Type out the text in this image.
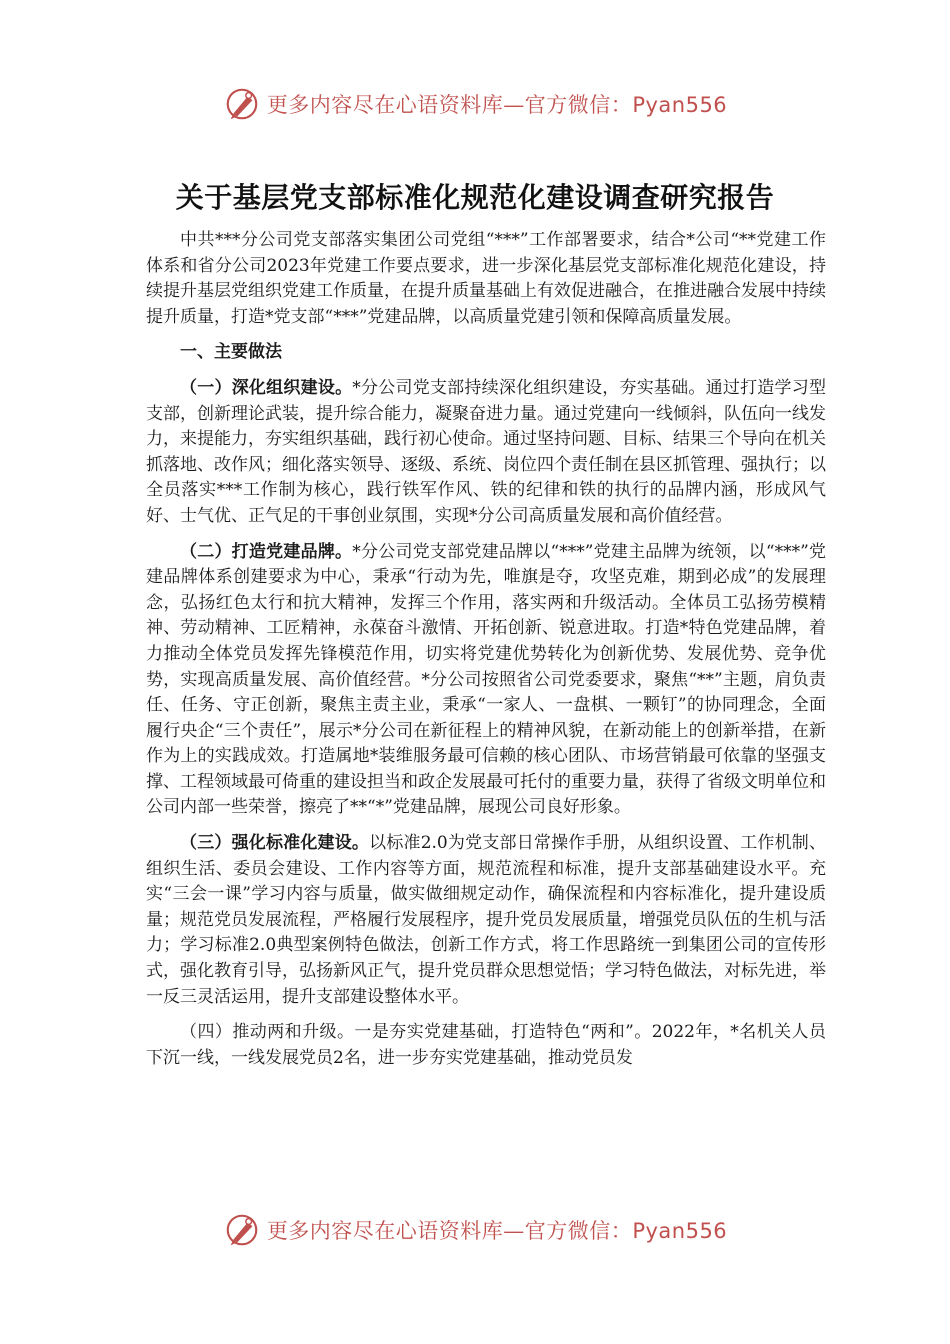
更多内容尽在心语资料库—官方微信：Pyan556
关于基层党支部标准化规范化建设调查研究报告

中共***分公司党支部落实集团公司党组“***”工作部署要求，结合*公司“**党建工作体系和省分公司2023年党建工作要点要求，进一步深化基层党支部标准化规范化建设，持续提升基层党组织党建工作质量，在提升质量基础上有效促进融合，在推进融合发展中持续提升质量，打造*党支部“***”党建品牌，以高质量党建引领和保障高质量发展。

一、主要做法

（一）深化组织建设。*分公司党支部持续深化组织建设，夯实基础。通过打造学习型支部，创新理论武装，提升综合能力，凝聚奋进力量。通过党建向一线倾斜，队伍向一线发力，来提能力，夯实组织基础，践行初心使命。通过坚持问题、目标、结果三个导向在机关抓落地、改作风；细化落实领导、逐级、系统、岗位四个责任制在县区抓管理、强执行；以全员落实***工作制为核心，践行铁军作风、铁的纪律和铁的执行的品牌内涵，形成风气好、士气优、正气足的干事创业氛围，实现*分公司高质量发展和高价值经营。

（二）打造党建品牌。*分公司党支部党建品牌以“***”党建主品牌为统领，以“***”党建品牌体系创建要求为中心，秉承“行动为先，唯旗是夺，攻坚克难，期到必成”的发展理念，弘扬红色太行和抗大精神，发挥三个作用，落实两和升级活动。全体员工弘扬劳模精神、劳动精神、工匠精神，永葆奋斗激情、开拓创新、锐意进取。打造*特色党建品牌，着力推动全体党员发挥先锋模范作用，切实将党建优势转化为创新优势、发展优势、竞争优势，实现高质量发展、高价值经营。*分公司按照省公司党委要求，聚焦“**”主题，肩负责任、任务、守正创新，聚焦主责主业，秉承“一家人、一盘棋、一颗钉”的协同理念，全面履行央企“三个责任”，展示*分公司在新征程上的精神风貌，在新动能上的创新举措，在新作为上的实践成效。打造属地*装维服务最可信赖的核心团队、市场营销最可依靠的坚强支撑、工程领域最可倚重的建设担当和政企发展最可托付的重要力量，获得了省级文明单位和公司内部一些荣誉，擦亮了**“*”党建品牌，展现公司良好形象。

（三）强化标准化建设。以标准2.0为党支部日常操作手册，从组织设置、工作机制、组织生活、委员会建设、工作内容等方面，规范流程和标准，提升支部基础建设水平。充实“三会一课”学习内容与质量，做实做细规定动作，确保流程和内容标准化，提升建设质量；规范党员发展流程，严格履行发展程序，提升党员发展质量，增强党员队伍的生机与活力；学习标准2.0典型案例特色做法，创新工作方式，将工作思路统一到集团公司的宣传形式，强化教育引导，弘扬新风正气，提升党员群众思想觉悟；学习特色做法，对标先进，举一反三灵活运用，提升支部建设整体水平。

（四）推动两和升级。一是夯实党建基础，打造特色“两和”。2022年，*名机关人员下沉一线，一线发展党员2名，进一步夯实党建基础，推动党员发

更多内容尽在心语资料库—官方微信：Pyan556
